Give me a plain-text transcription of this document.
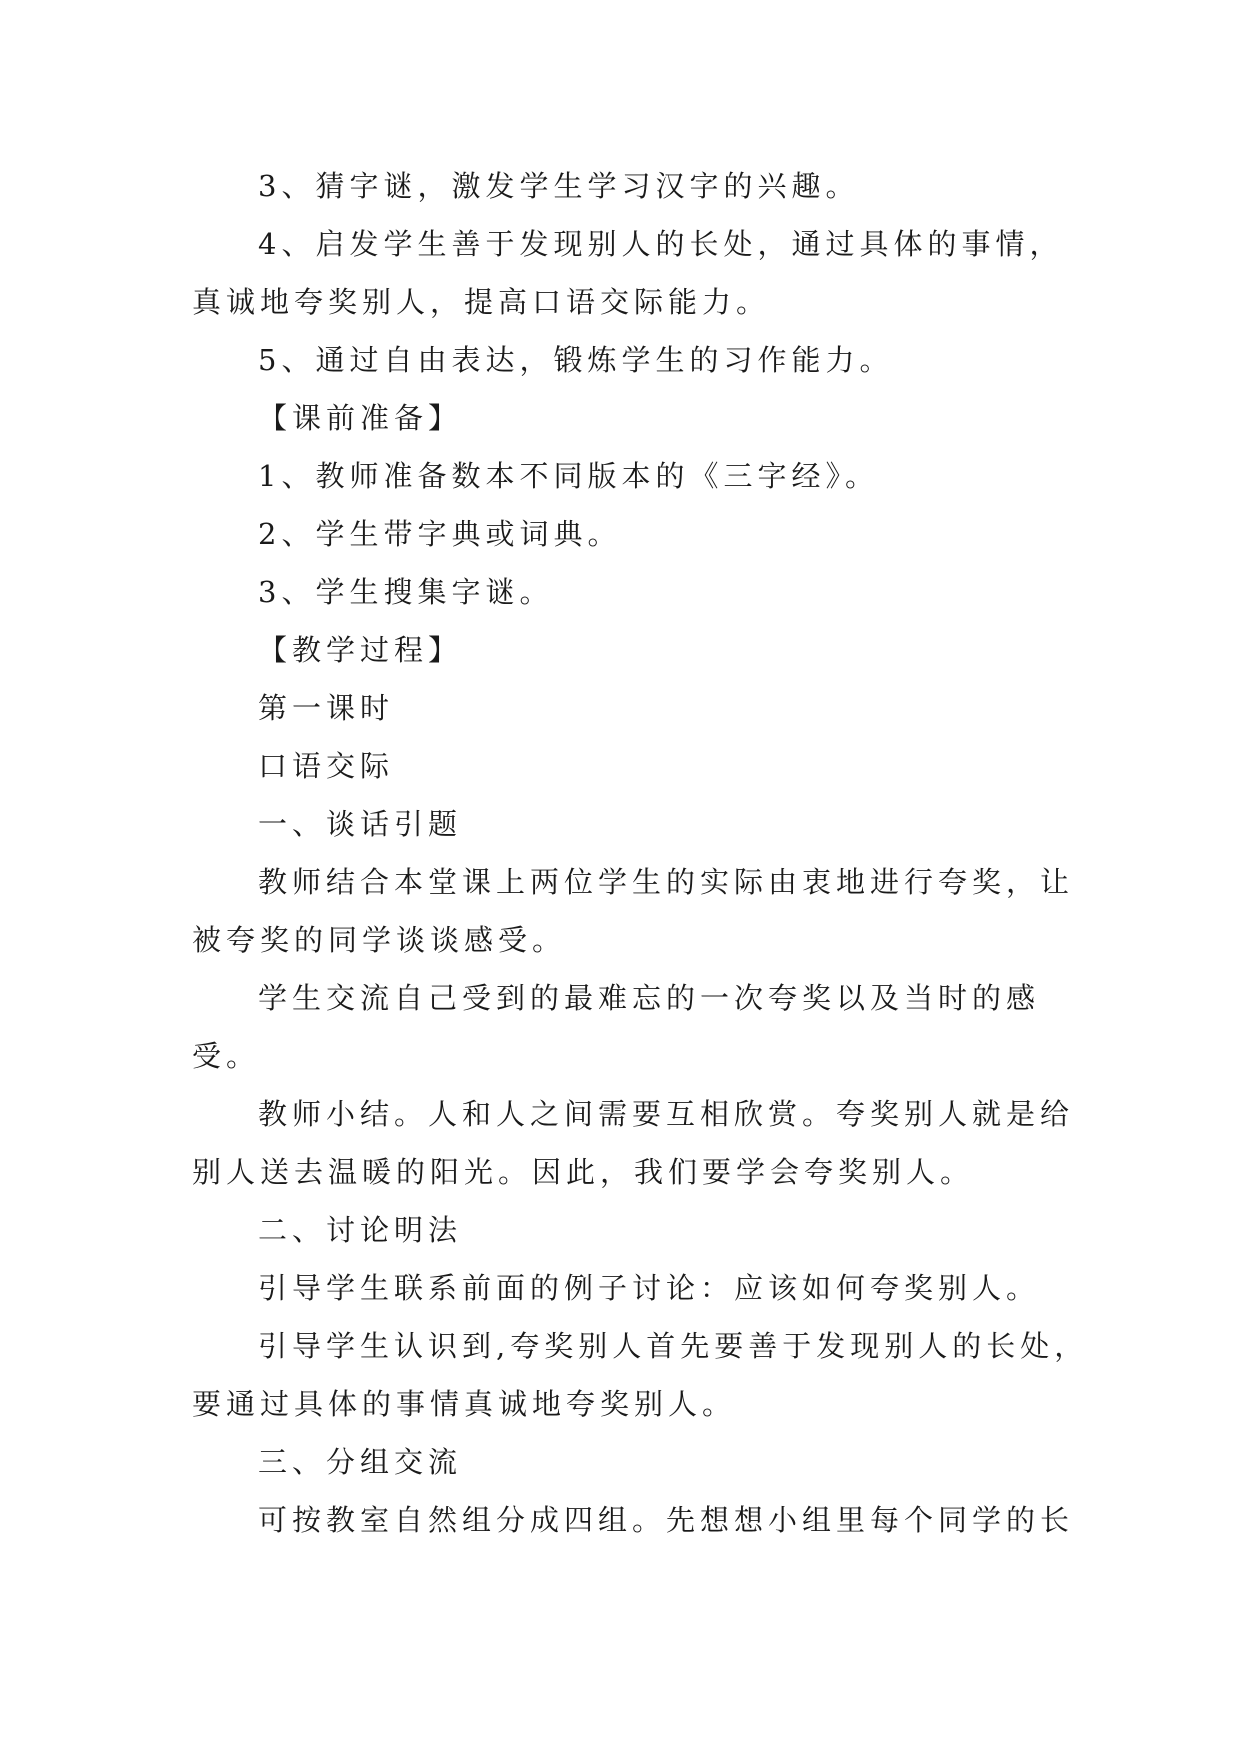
3、猜字谜，激发学生学习汉字的兴趣。
4、启发学生善于发现别人的长处，通过具体的事情，
真诚地夸奖别人，提高口语交际能力。
5、通过自由表达，锻炼学生的习作能力。
【课前准备】
1、教师准备数本不同版本的《三字经》。
2、学生带字典或词典。
3、学生搜集字谜。
【教学过程】
第一课时
口语交际
一、谈话引题
教师结合本堂课上两位学生的实际由衷地进行夸奖，让
被夸奖的同学谈谈感受。
学生交流自己受到的最难忘的一次夸奖以及当时的感
受。
教师小结。人和人之间需要互相欣赏。夸奖别人就是给
别人送去温暖的阳光。因此，我们要学会夸奖别人。
二、讨论明法
引导学生联系前面的例子讨论：应该如何夸奖别人。
引导学生认识到,夸奖别人首先要善于发现别人的长处，
要通过具体的事情真诚地夸奖别人。
三、分组交流
可按教室自然组分成四组。先想想小组里每个同学的长
